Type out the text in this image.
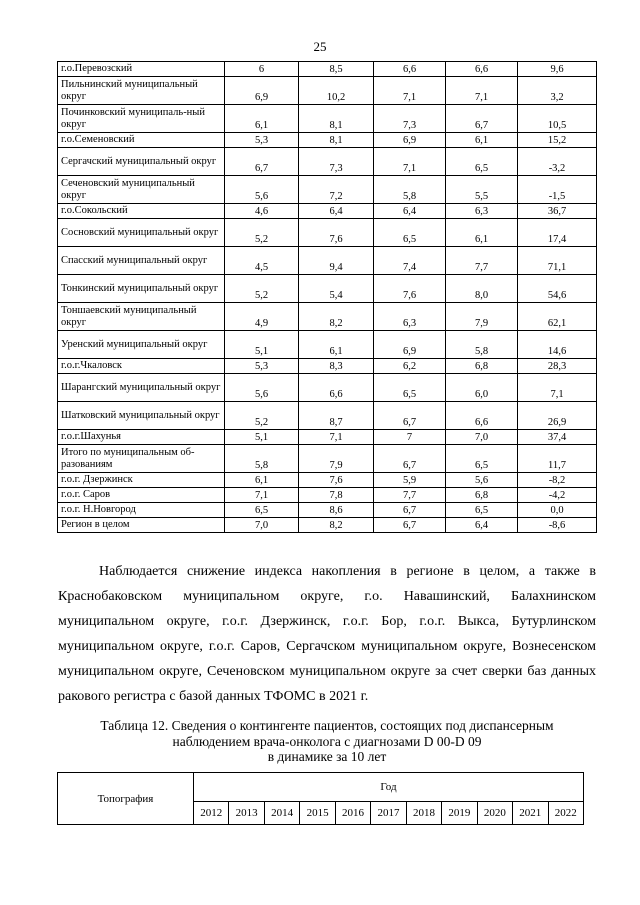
25
г.о.Перевозский	6	8,5	6,6	6,6	9,6
Пильнинский муниципальный округ	6,9	10,2	7,1	7,1	3,2
Починковский муниципаль-ный округ	6,1	8,1	7,3	6,7	10,5
г.о.Семеновский	5,3	8,1	6,9	6,1	15,2
Сергачский муниципальный округ	6,7	7,3	7,1	6,5	-3,2
Сеченовский муниципальный округ	5,6	7,2	5,8	5,5	-1,5
г.о.Сокольский	4,6	6,4	6,4	6,3	36,7
Сосновский муниципальный округ	5,2	7,6	6,5	6,1	17,4
Спасский муниципальный округ	4,5	9,4	7,4	7,7	71,1
Тонкинский муниципальный округ	5,2	5,4	7,6	8,0	54,6
Тоншаевский муниципальный округ	4,9	8,2	6,3	7,9	62,1
Уренский муниципальный округ	5,1	6,1	6,9	5,8	14,6
г.о.г.Чкаловск	5,3	8,3	6,2	6,8	28,3
Шарангский муниципальный округ	5,6	6,6	6,5	6,0	7,1
Шатковский муниципальный округ	5,2	8,7	6,7	6,6	26,9
г.о.г.Шахунья	5,1	7,1	7	7,0	37,4
Итого по муниципальным об-разованиям	5,8	7,9	6,7	6,5	11,7
г.о.г. Дзержинск	6,1	7,6	5,9	5,6	-8,2
г.о.г. Саров	7,1	7,8	7,7	6,8	-4,2
г.о.г. Н.Новгород	6,5	8,6	6,7	6,5	0,0
Регион в целом	7,0	8,2	6,7	6,4	-8,6

Наблюдается снижение индекса накопления в регионе в целом, а также в Краснобаковском муниципальном округе, г.о. Навашинский, Балахнинском муниципальном округе, г.о.г. Дзержинск, г.о.г. Бор, г.о.г. Выкса, Бутурлинском муниципальном округе, г.о.г. Саров, Сергачском муниципальном округе, Вознесенском муниципальном округе, Сеченовском муниципальном округе за счет сверки баз данных ракового регистра с базой данных ТФОМС в 2021 г.

Таблица 12. Сведения о контингенте пациентов, состоящих под диспансерным
наблюдением врача-онколога с диагнозами D 00-D 09
в динамике за 10 лет
Топография	Год										
	2012	2013	2014	2015	2016	2017	2018	2019	2020	2021	2022
